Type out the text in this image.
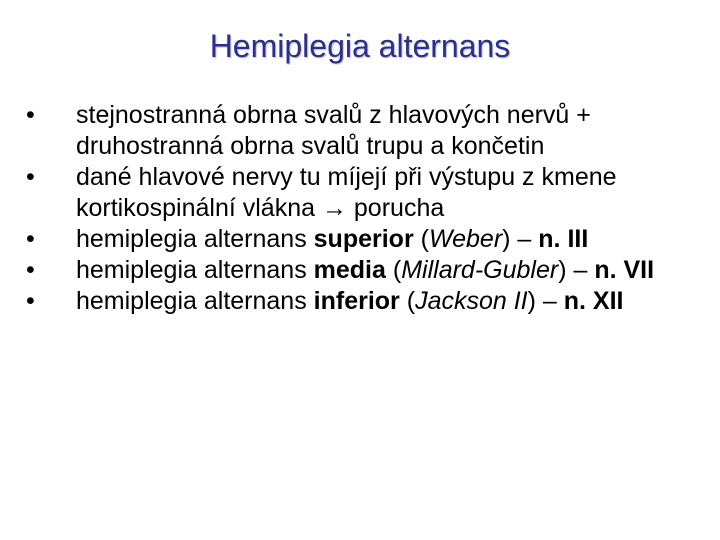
Hemiplegia alternans
•	stejnostranná obrna svalů z hlavových nervů + druhostranná obrna svalů trupu a končetin
•	dané hlavové nervy tu míjejí při výstupu z kmene kortikospinální vlákna → porucha
•	hemiplegia alternans superior (Weber) – n. III
•	hemiplegia alternans media (Millard-Gubler) – n. VII
•	hemiplegia alternans inferior (Jackson II) – n. XII
